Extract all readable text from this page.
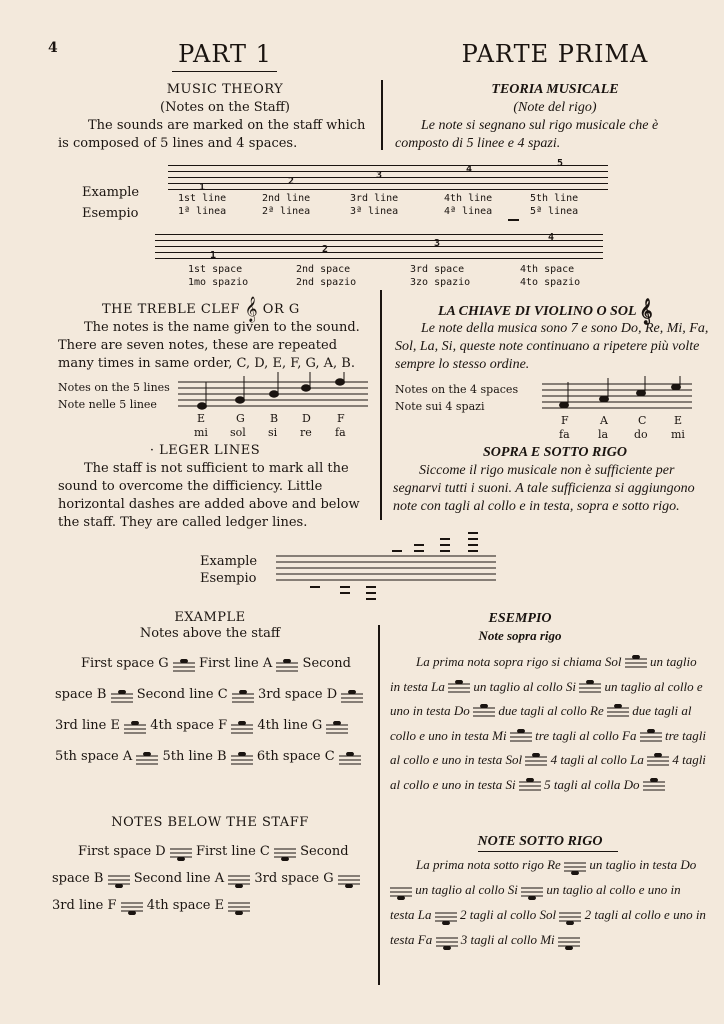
4	PART 1	PARTE PRIMA
MUSIC THEORY
(Notes on the Staff)
The sounds are marked on the staff which is composed of 5 lines and 4 spaces.
TEORIA MUSICALE
(Note del rigo)
Le note si segnano sul rigo musicale che è composto di 5 linee e 4 spazi.
Example
Esempio
1
2
3
4
5
1st line	2nd line	3rd line	4th line	5th line
1ª linea	2ª linea	3ª linea	4ª linea	5ª linea
1
2
3
4
1st space	2nd space	3rd space	4th space
1mo spazio	2nd spazio	3zo spazio	4to spazio
THE TREBLE CLEF 𝄞 OR G
The notes is the name given to the sound. There are seven notes, these are repeated many times in same order, C, D, E, F, G, A, B.
LA CHIAVE DI VIOLINO O SOL 𝄞
Le note della musica sono 7 e sono Do, Re, Mi, Fa, Sol, La, Si, queste note continuano a ripetere più volte sempre lo stesso ordine.
Notes on the 5 lines
Note nelle 5 linee
E	G B D F
mi sol si re fa
Notes on the 4 spaces
Note sui 4 spazi
F	A	C	E
fa	la do mi
· LEGER LINES
The staff is not sufficient to mark all the sound to overcome the difficiency. Little horizontal dashes are added above and below the staff. They are called ledger lines.
SOPRA E SOTTO RIGO
Siccome il rigo musicale non è sufficiente per segnarvi tutti i suoni. A tale sufficienza si aggiungono note con tagli al collo e in testa, sopra e sotto rigo.
Example
Esempio
EXAMPLE
Notes above the staff
First space G First line A Second space B Second line C 3rd space D  3rd line E 4th space F 4th line G  5th space A 5th line B 6th space C
NOTES BELOW THE STAFF
First space D First line C Second space B Second line A 3rd space G  3rd line F 4th space E
ESEMPIO
Note sopra rigo
La prima nota sopra rigo si chiama Sol un taglio in testa La un taglio al collo Si un taglio al collo e uno in testa Do due tagli al collo Re due tagli al collo e uno in testa Mi tre tagli al collo Fa tre tagli al collo e uno in testa Sol 4 tagli al collo La 4 tagli al collo e uno in testa Si 5 tagli al colla Do
NOTE SOTTO RIGO
La prima nota sotto rigo Re un taglio in testa Do  un taglio al collo Si un taglio al collo e uno in testa La 2 tagli al collo Sol 2 tagli al collo e uno in testa Fa 3 tagli al collo Mi
